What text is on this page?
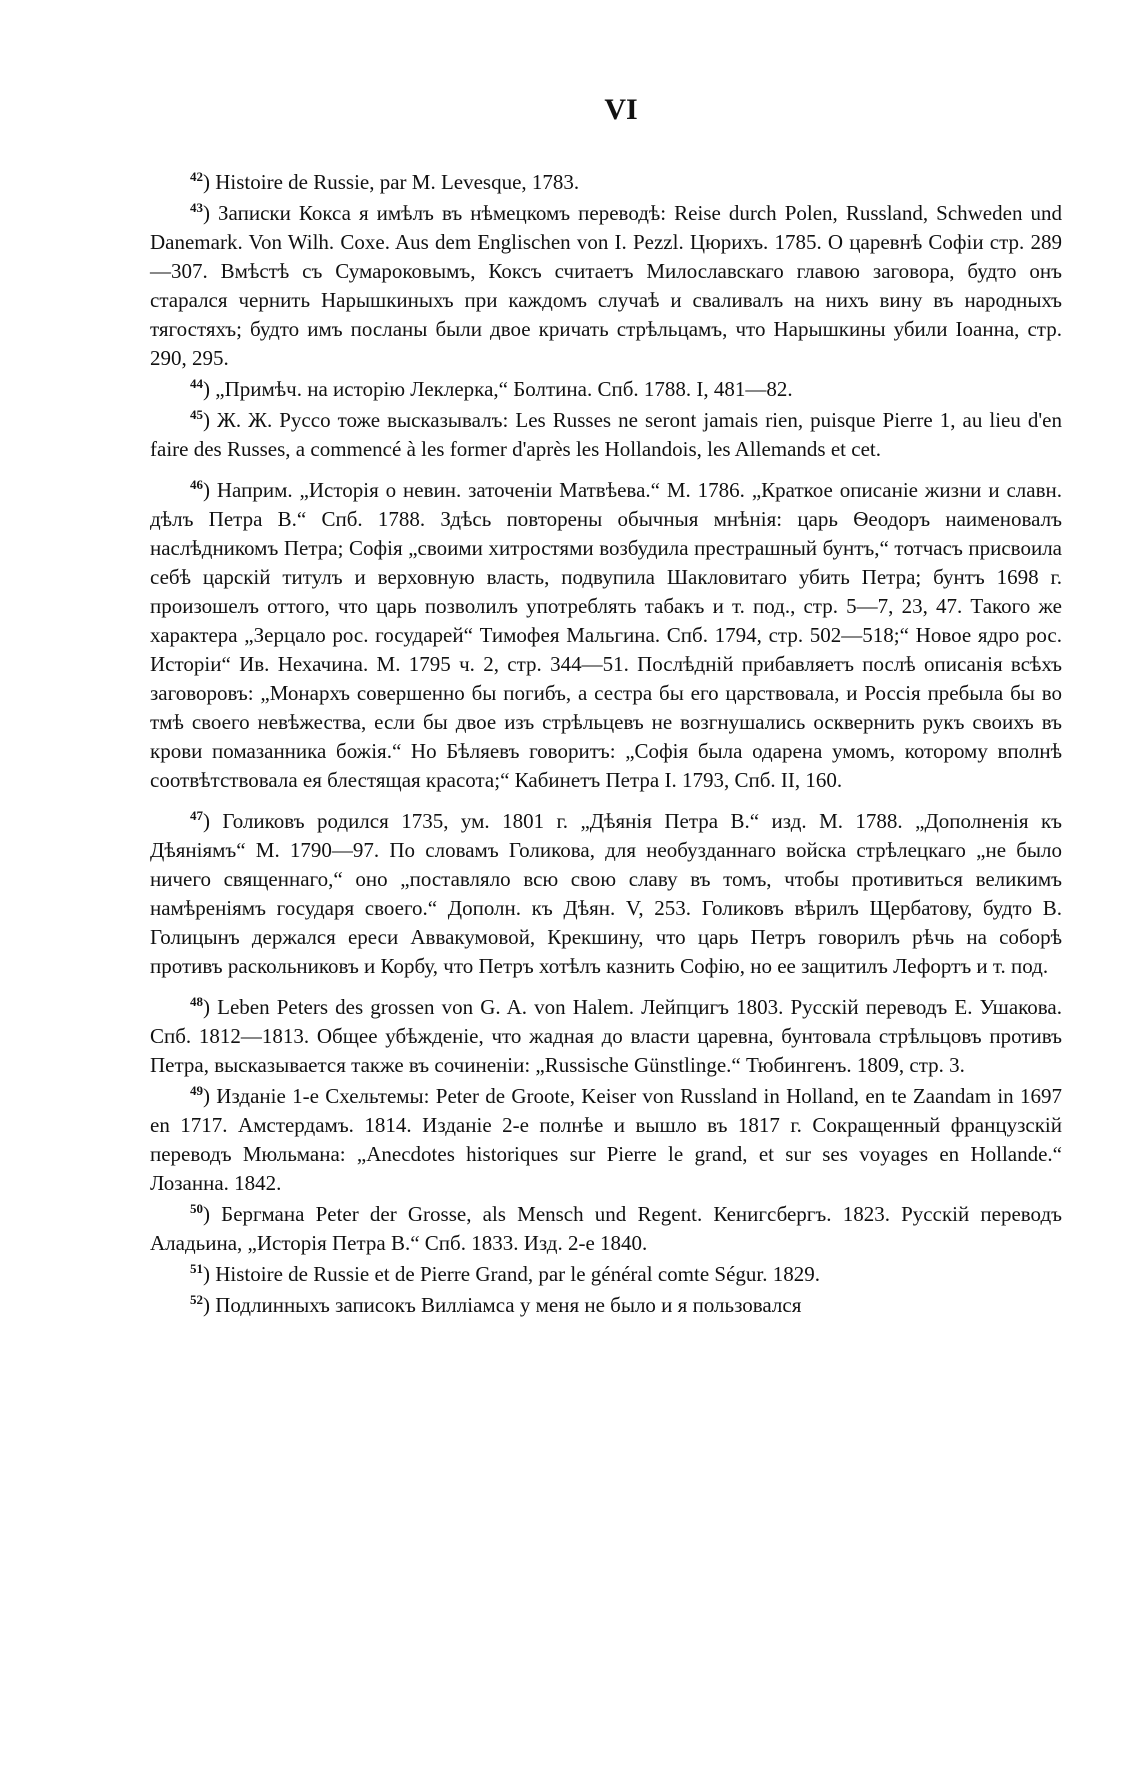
VI

$^{42}$) Histoire de Russie, par M. Levesque, 1783.

$^{43}$) Записки Кокса я имѣлъ въ нѣмецкомъ переводѣ: Reise durch Polen, Russland, Schweden und Danemark. Von Wilh. Coxe. Aus dem Englischen von I. Pezzl. Цюрихъ. 1785. О царевнѣ Софіи стр. 289—307. Вмѣстѣ съ Сумароковымъ, Коксъ считаетъ Милославскаго главою заговора, будто онъ старался чернить Нарышкиныхъ при каждомъ случаѣ и сваливалъ на нихъ вину въ народныхъ тягостяхъ; будто имъ посланы были двое кричать стрѣльцамъ, что Нарышкины убили Іоанна, стр. 290, 295.

$^{44}$) „Примѣч. на исторію Леклерка,“ Болтина. Спб. 1788. I, 481—82.

$^{45}$) Ж. Ж. Руссо тоже высказывалъ: Les Russes ne seront jamais rien, puisque Pierre 1, au lieu d'en faire des Russes, a commencé à les former d'après les Hollandois, les Allemands et cet.

$^{46}$) Наприм. „Исторія о невин. заточеніи Матвѣева.“ М. 1786. „Краткое описаніе жизни и славн. дѣлъ Петра В.“ Спб. 1788. Здѣсь повторены обычныя мнѣнія: царь Ѳеодоръ наименовалъ наслѣдникомъ Петра; Софія „своими хитростями возбудила престрашный бунтъ,“ тотчасъ присвоила себѣ царскій титулъ и верховную власть, подвупила Шакловитаго убить Петра; бунтъ 1698 г. произошелъ оттого, что царь позволилъ употреблять табакъ и т. под., стр. 5—7, 23, 47. Такого же характера „Зерцало рос. государей“ Тимофея Мальгина. Спб. 1794, стр. 502—518;“ Новое ядро рос. Исторіи“ Ив. Нехачина. М. 1795 ч. 2, стр. 344—51. Послѣдній прибавляетъ послѣ описанія всѣхъ заговоровъ: „Монархъ совершенно бы погибъ, а сестра бы его царствовала, и Россія пребыла бы во тмѣ своего невѣжества, если бы двое изъ стрѣльцевъ не возгнушались осквернить рукъ своихъ въ крови помазанника божія.“ Но Бѣляевъ говоритъ: „Софія была одарена умомъ, которому вполнѣ соотвѣтствовала ея блестящая красота;“ Кабинетъ Петра I. 1793, Спб. II, 160.

$^{47}$) Голиковъ родился 1735, ум. 1801 г. „Дѣянія Петра В.“ изд. М. 1788. „Дополненія къ Дѣяніямъ“ М. 1790—97. По словамъ Голикова, для необузданнаго войска стрѣлецкаго „не было ничего священнаго,“ оно „поставляло всю свою славу въ томъ, чтобы противиться великимъ намѣреніямъ государя своего.“ Дополн. къ Дѣян. V, 253. Голиковъ вѣрилъ Щербатову, будто В. Голицынъ держался ереси Аввакумовой, Крекшину, что царь Петръ говорилъ рѣчь на соборѣ противъ раскольниковъ и Корбу, что Петръ хотѣлъ казнить Софію, но ее защитилъ Лефортъ и т. под.

$^{48}$) Leben Peters des grossen von G. A. von Halem. Лейпцигъ 1803. Русскій переводъ Е. Ушакова. Спб. 1812—1813. Общее убѣжденіе, что жадная до власти царевна, бунтовала стрѣльцовъ противъ Петра, высказывается также въ сочиненіи: „Russische Günstlinge.“ Тюбингенъ. 1809, стр. 3.

$^{49}$) Изданіе 1-е Схельтемы: Peter de Groote, Keiser von Russland in Holland, en te Zaandam in 1697 en 1717. Амстердамъ. 1814. Изданіе 2-е полнѣе и вышло въ 1817 г. Сокращенный французскій переводъ Мюльмана: „Anecdotes historiques sur Pierre le grand, et sur ses voyages en Hollande.“ Лозанна. 1842.

$^{50}$) Бергмана Peter der Grosse, als Mensch und Regent. Кенигсбергъ. 1823. Русскій переводъ Аладьина, „Исторія Петра В.“ Спб. 1833. Изд. 2-е 1840.

$^{51}$) Histoire de Russie et de Pierre Grand, par le général comte Ségur. 1829.

$^{52}$) Подлинныхъ записокъ Вилліамса у меня не было и я пользовался
